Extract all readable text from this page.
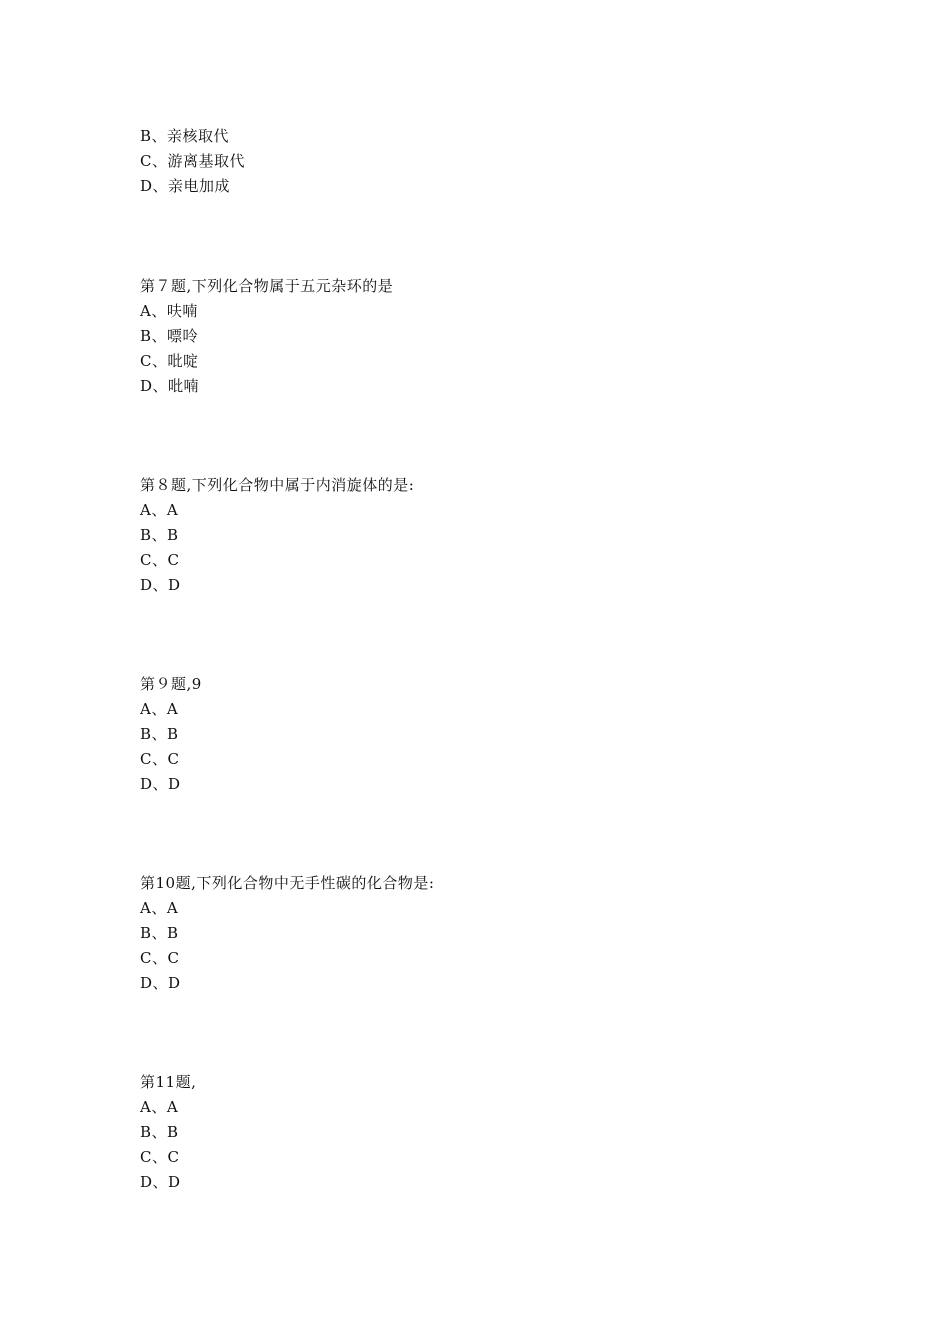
B、亲核取代
C、游离基取代
D、亲电加成
第７题,下列化合物属于五元杂环的是
A、呋喃
B、嘌呤
C、吡啶
D、吡喃
第８题,下列化合物中属于内消旋体的是:
A、A
B、B
C、C
D、D
第９题,9
A、A
B、B
C、C
D、D
第10题,下列化合物中无手性碳的化合物是:
A、A
B、B
C、C
D、D
第11题,
A、A
B、B
C、C
D、D
